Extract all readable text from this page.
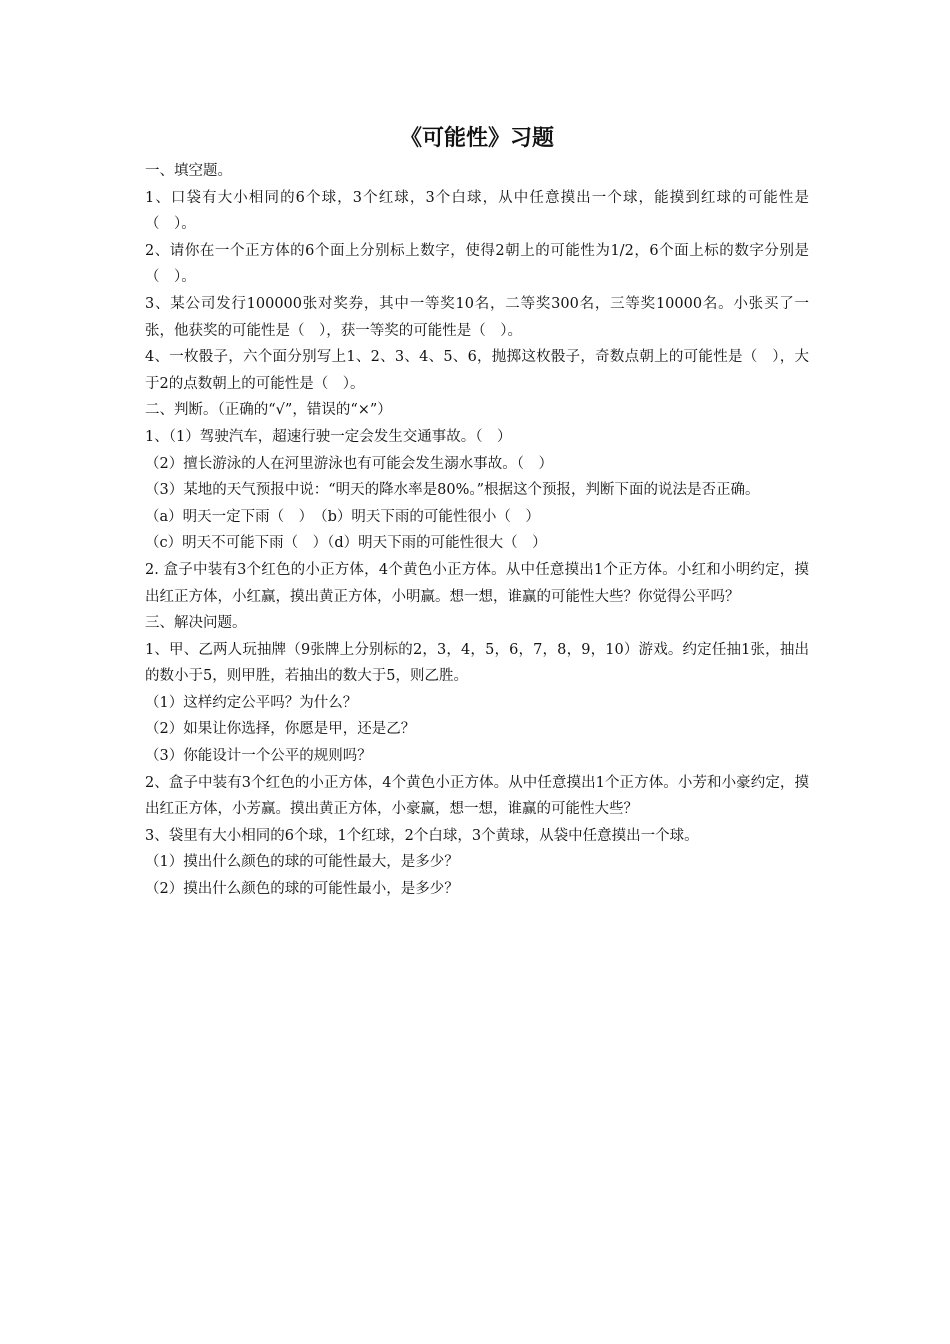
《可能性》习题

一、填空题。

1、口袋有大小相同的6个球，3个红球，3个白球，从中任意摸出一个球，能摸到红球的可能性是（　）。

2、请你在一个正方体的6个面上分别标上数字，使得2朝上的可能性为1/2，6个面上标的数字分别是（　）。

3、某公司发行100000张对奖券，其中一等奖10名，二等奖300名，三等奖10000名。小张买了一张，他获奖的可能性是（　），获一等奖的可能性是（　）。

4、一枚骰子，六个面分别写上1、2、3、4、5、6，抛掷这枚骰子，奇数点朝上的可能性是（　），大于2的点数朝上的可能性是（　）。

二、判断。（正确的“√”，错误的“×”）

1、（1）驾驶汽车，超速行驶一定会发生交通事故。（　）

（2）擅长游泳的人在河里游泳也有可能会发生溺水事故。（　）

（3）某地的天气预报中说：“明天的降水率是80%。”根据这个预报，判断下面的说法是否正确。

（a）明天一定下雨（　）　（b）明天下雨的可能性很小（　）

（c）明天不可能下雨（　）（d）明天下雨的可能性很大（　）

2. 盒子中装有3个红色的小正方体，4个黄色小正方体。从中任意摸出1个正方体。小红和小明约定，摸出红正方体，小红赢，摸出黄正方体，小明赢。想一想，谁赢的可能性大些？你觉得公平吗？

三、解决问题。

1、甲、乙两人玩抽牌（9张牌上分别标的2，3，4，5，6，7，8，9，10）游戏。约定任抽1张，抽出的数小于5，则甲胜，若抽出的数大于5，则乙胜。

（1）这样约定公平吗？为什么？

（2）如果让你选择，你愿是甲，还是乙？

（3）你能设计一个公平的规则吗？

2、盒子中装有3个红色的小正方体，4个黄色小正方体。从中任意摸出1个正方体。小芳和小豪约定，摸出红正方体，小芳赢。摸出黄正方体，小豪赢，想一想，谁赢的可能性大些？

3、袋里有大小相同的6个球，1个红球，2个白球，3个黄球，从袋中任意摸出一个球。

（1）摸出什么颜色的球的可能性最大，是多少？

（2）摸出什么颜色的球的可能性最小，是多少？
